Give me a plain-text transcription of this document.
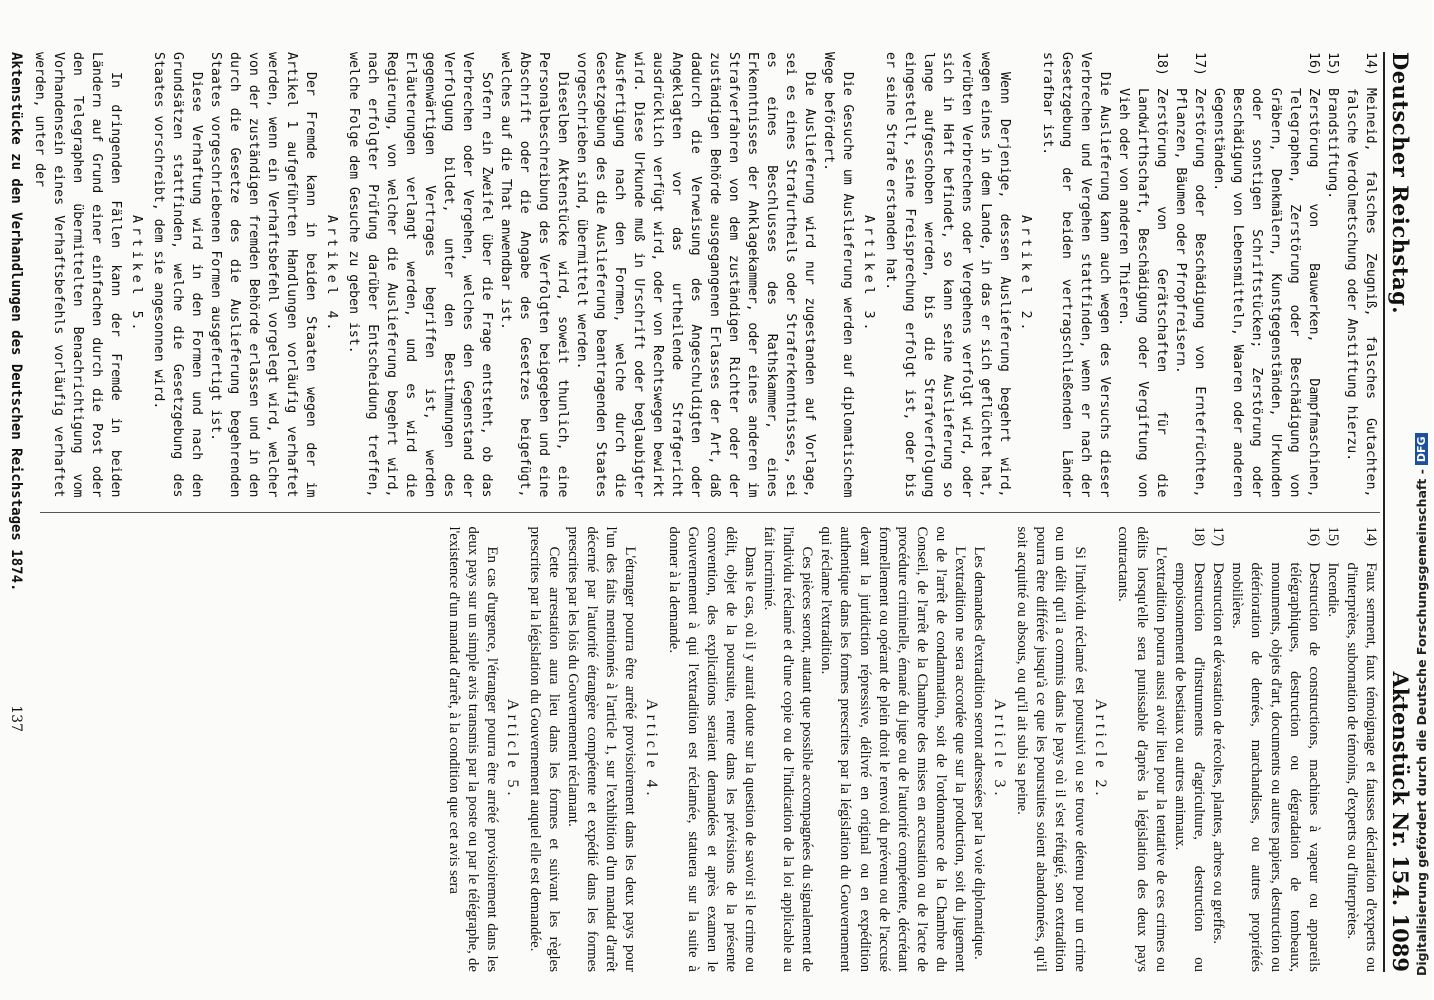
Deutscher Reichstag.
Aktenstück Nr. 154. 1089
14)
Meineid, falsches Zeugniß, falsches Gutachten, falsche Verdolmetschung oder Anstiftung hierzu.
15)
Brandstiftung.
16)
Zerstörung von Bauwerken, Dampfmaschinen, Telegraphen, Zerstörung oder Beschädigung von Gräbern, Denkmälern, Kunstgegenständen, Urkunden oder sonstigen Schriftstücken; Zerstörung oder Beschädigung von Lebensmitteln, Waaren oder anderen Gegenständen.
17)
Zerstörung oder Beschädigung von Erntefrüchten, Pflanzen, Bäumen oder Pfropfreisern.
18)
Zerstörung von Gerätschaften für die Landwirthschaft, Beschädigung oder Vergiftung von Vieh oder von anderen Thieren.

Die Auslieferung kann auch wegen des Versuchs dieser Verbrechen und Vergehen stattfinden, wenn er nach der Gesetzgebung der beiden vertragschließenden Länder strafbar ist.

Artikel 2.

Wenn Derjenige, dessen Auslieferung begehrt wird, wegen eines in dem Lande, in das er sich geflüchtet hat, verübten Verbrechens oder Vergehens verfolgt wird, oder sich in Haft befindet, so kann seine Auslieferung so lange aufgeschoben werden, bis die Strafverfolgung eingestellt, seine Freisprechung erfolgt ist, oder bis er seine Strafe erstanden hat.

Artikel 3.

Die Gesuche um Auslieferung werden auf diplomatischem Wege befördert.

Die Auslieferung wird nur zugestanden auf Vorlage, sei es eines Strafurtheils oder Straferkenntnisses, sei es eines Beschlusses des Rathskammer, eines Erkenntnisses der Anklagekammer, oder eines anderen im Strafverfahren von dem zuständigen Richter oder der zuständigen Behörde ausgegangenen Erlasses der Art, daß dadurch die Verweisung des Angeschuldigten oder Angeklagten vor das urtheilende Strafgericht ausdrücklich verfügt wird, oder von Rechtswegen bewirkt wird. Diese Urkunde muß in Urschrift oder beglaubigter Ausfertigung nach den Formen, welche durch die Gesetzgebung des die Auslieferung beantragenden Staates vorgeschrieben sind, übermittelt werden.

Dieselben Aktenstücke wird, soweit thunlich, eine Personalbeschreibung des Verfolgten beigegeben und eine Abschrift oder die Angabe des Gesetzes beigefügt, welches auf die That anwendbar ist.

Sofern ein Zweifel über die Frage entsteht, ob das Verbrechen oder Vergehen, welches den Gegenstand der Verfolgung bildet, unter den Bestimmungen des gegenwärtigen Vertrages begriffen ist, werden Erläuterungen verlangt werden, und es wird die Regierung, von welcher die Auslieferung begehrt wird, nach erfolgter Prüfung darüber Entscheidung treffen, welche Folge dem Gesuche zu geben ist.

Artikel 4.

Der Fremde kann in beiden Staaten wegen der im Artikel 1 aufgeführten Handlungen vorläufig verhaftet werden, wenn ein Verhaftsbefehl vorgelegt wird, welcher von der zuständigen fremden Behörde erlassen und in den durch die Gesetze des die Auslieferung begehrenden Staates vorgeschriebenen Formen ausgefertigt ist.

Diese Verhaftung wird in den Formen und nach den Grundsätzen stattfinden, welche die Gesetzgebung des Staates vorschreibt, dem sie angesonnen wird.

Artikel 5.

In dringenden Fällen kann der Fremde in beiden Ländern auf Grund einer einfachen durch die Post oder den Telegraphen übermittelten Benachrichtigung vom Vorhandensein eines Verhaftsbefehls vorläufig verhaftet werden, unter der

14)
Faux serment, faux témoignage et fausses déclaration d'experts ou d'interprètes, subornation de témoins, d'experts ou d'interprètes.
15)
Incendie.
16)
Destruction de constructions, machines à vapeur ou appareils télégraphiques, destruction ou dégradation de tombeaux, monuments, objets d'art, documents ou autres papiers, destruction ou détérioration de denrées, marchandises, ou autres propriétés mobilières.
17)
Destruction et dévastation de récoltes, plantes, arbres ou greffes.
18)
Destruction d'instruments d'agriculture, destruction ou empoisonnement de bestiaux ou autres animaux.

L'extradition pourra aussi avoir lieu pour la tentative de ces crimes ou délits lorsqu'elle sera punissable d'après la législation des deux pays contractants.

Article 2.

Si l'individu réclamé est poursuivi ou se trouve détenu pour un crime ou un délit qu'il a commis dans le pays où il s'est réfugié, son extradition pourra être différée jusqu'à ce que les poursuites soient abandonnées, qu'il soit acquitté ou absous, ou qu'il ait subi sa peine.

Article 3.

Les demandes d'extradition seront adressées par la voie diplomatique.

L'extradition ne sera accordée que sur la production, soit du jugement ou de l'arrêt de condamnation, soit de l'ordonnance de la Chambre du Conseil, de l'arrêt de la Chambre des mises en accusation ou de l'acte de procédure criminelle, émané du juge ou de l'autorité compétente, décrétant formellement ou opérant de plein droit le renvoi du prévenu ou de l'accusé devant la juridiction répressive, délivré en original ou en expédition authentique dans les formes prescrites par la législation du Gouvernement qui réclame l'extradition.

Ces pièces seront, autant que possible accompagnées du signalement de l'individu réclamé et d'une copie ou de l'indication de la loi applicable au fait incriminé.

Dans le cas, où il y aurait doute sur la question de savoir si le crime ou délit, objet de la poursuite, rentre dans les prévisions de la présente convention, des explications seraient demandées et après examen le Gouvernement à qui l'extradition est réclamée, statuera sur la suite à donner à la demande.

Article 4.

L'étranger pourra être arrêté provisoirement dans les deux pays pour l'un des faits mentionnés à l'article 1, sur l'exhibition d'un mandat d'arrêt décerné par l'autorité étrangère compétente et expédié dans les formes prescrites par les lois du Gouvernement réclamant.

Cette arrestation aura lieu dans les formes et suivant les règles prescrites par la législation du Gouvernement auquel elle est demandée.

Article 5.

En cas d'urgence, l'étranger pourra être arrêté provisoirement dans les deux pays sur un simple avis transmis par la poste ou par le télégraphe, de l'existence d'un mandat d'arrêt, à la condition que cet avis sera

Aktenstücke zu den Verhandlungen des Deutschen Reichstages 1874.
137	Digitalisierung gefördert durch die Deutsche Forschungsgemeinschaft -
DFG
